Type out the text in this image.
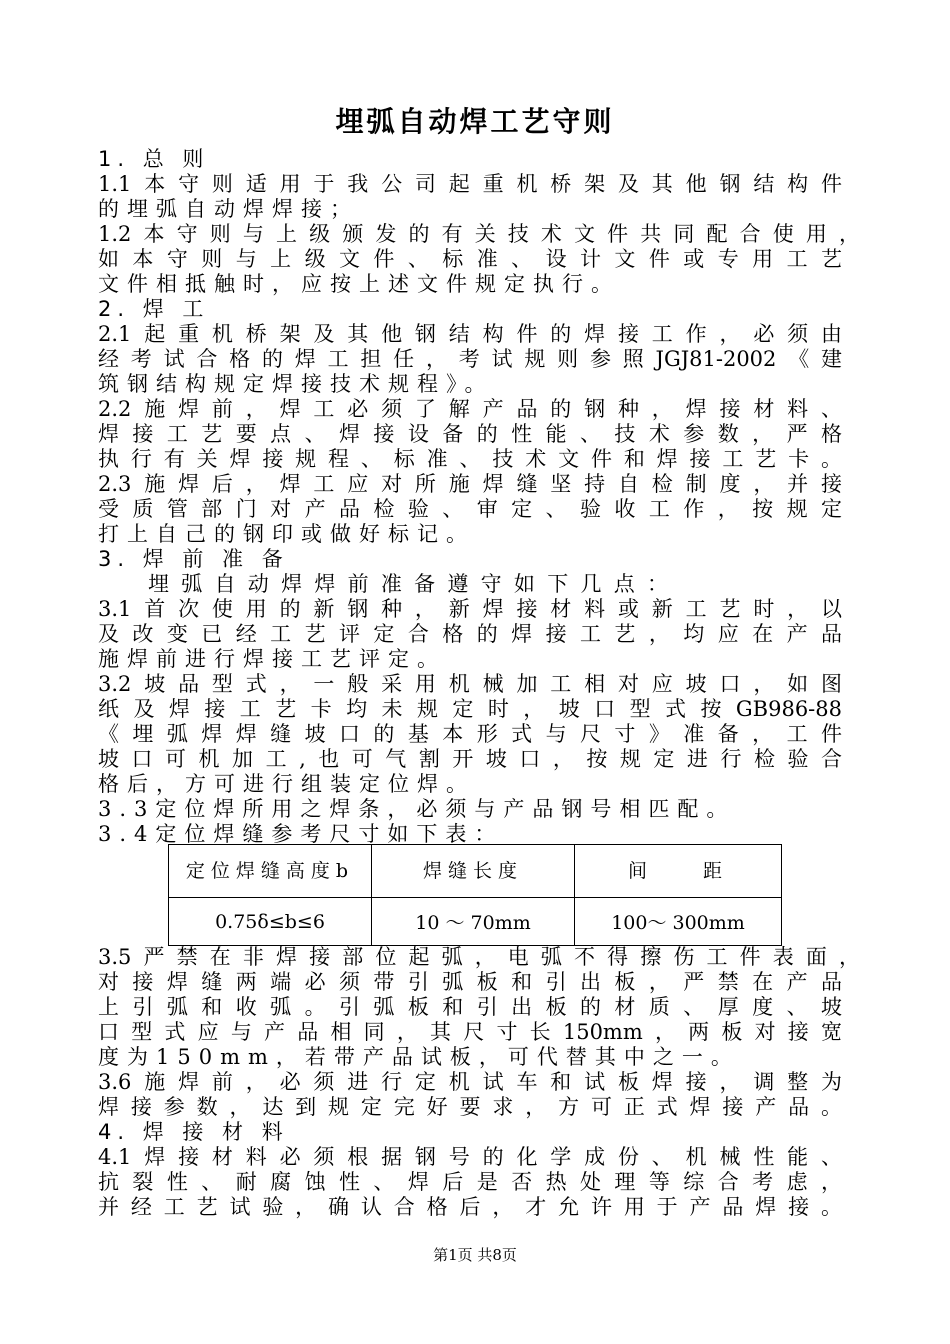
埋弧自动焊工艺守则
1. 总 则
1.1本守则适用于我公司起重机桥架及其他钢结构件
的埋弧自动焊焊接；
1.2本守则与上级颁发的有关技术文件共同配合使用，
如本守则与上级文件、标准、设计文件或专用工艺
文件相抵触时，应按上述文件规定执行。
2. 焊 工
2.1起重机桥架及其他钢结构件的焊接工作，必须由
经考试合格的焊工担任，考试规则参照JGJ81-2002《建
筑钢结构规定焊接技术规程》。
2.2施焊前，焊工必须了解产品的钢种，焊接材料、
焊接工艺要点、焊接设备的性能、技术参数，严格
执行有关焊接规程、标准、技术文件和焊接工艺卡。
2.3施焊后，焊工应对所施焊缝坚持自检制度，并接
受质管部门对产品检验、审定、验收工作，按规定
打上自己的钢印或做好标记。
3. 焊 前 准 备
埋弧自动焊焊前准备遵守如下几点：
3.1首次使用的新钢种，新焊接材料或新工艺时，以
及改变已经工艺评定合格的焊接工艺，均应在产品
施焊前进行焊接工艺评定。
3.2坡品型式，一般采用机械加工相对应坡口，如图
纸及焊接工艺卡均未规定时，坡口型式按GB986-88
《埋弧焊焊缝坡口的基本形式与尺寸》准备，工件
坡口可机加工,也可气割开坡口，按规定进行检验合
格后，方可进行组装定位焊。
3.3定位焊所用之焊条，必须与产品钢号相匹配。
3.4定位焊缝参考尺寸如下表：
定位焊缝高度b	焊缝长度	间　　距
0.75δ≤b≤6	10 ～ 70mm	100～ 300mm
3.5严禁在非焊接部位起弧，电弧不得擦伤工件表面，
对接焊缝两端必须带引弧板和引出板，严禁在产品
上引弧和收弧。引弧板和引出板的材质、厚度、坡
口型式应与产品相同，其尺寸长150mm，两板对接宽
度为150mm，若带产品试板，可代替其中之一。
3.6施焊前，必须进行定机试车和试板焊接，调整为
焊接参数，达到规定完好要求，方可正式焊接产品。
4. 焊 接 材 料
4.1焊接材料必须根据钢号的化学成份、机械性能、
抗裂性、耐腐蚀性、焊后是否热处理等综合考虑，
并经工艺试验，确认合格后，才允许用于产品焊接。
第1页 共8页
